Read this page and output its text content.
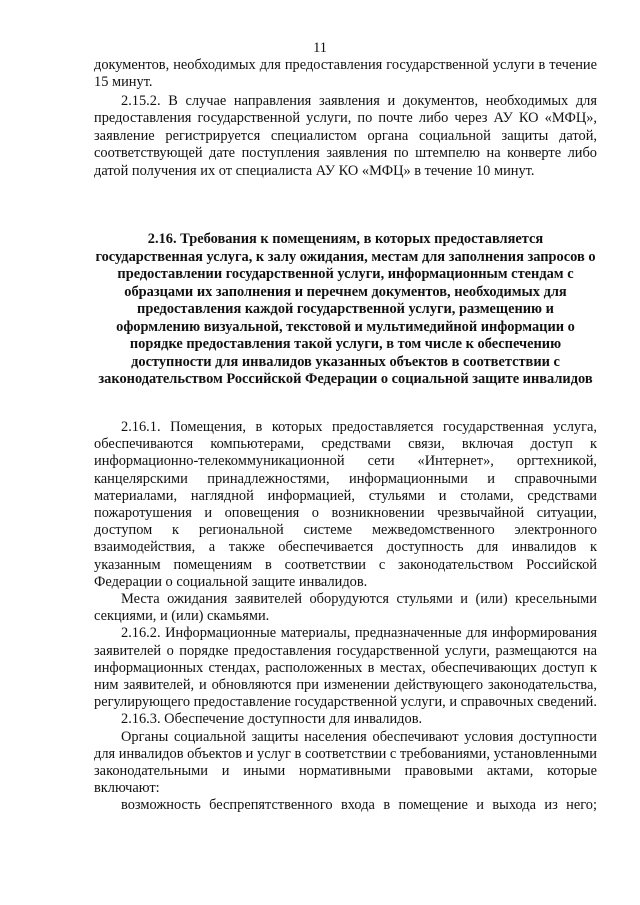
11

документов, необходимых для предоставления государственной услуги в течение 15 минут.

2.15.2. В случае направления заявления и документов, необходимых для предоставления государственной услуги, по почте либо через АУ КО «МФЦ», заявление регистрируется специалистом органа социальной защиты датой, соответствующей дате поступления заявления по штемпелю на конверте либо датой получения их от специалиста АУ КО «МФЦ» в течение 10 минут.

2.16. Требования к помещениям, в которых предоставляется государственная услуга, к залу ожидания, местам для заполнения запросов о предоставлении государственной услуги, информационным стендам с образцами их заполнения и перечнем документов, необходимых для предоставления каждой государственной услуги, размещению и оформлению визуальной, текстовой и мультимедийной информации о порядке предоставления такой услуги, в том числе к обеспечению доступности для инвалидов указанных объектов в соответствии с законодательством Российской Федерации о социальной защите инвалидов

2.16.1. Помещения, в которых предоставляется государственная услуга, обеспечиваются компьютерами, средствами связи, включая доступ к информационно-телекоммуникационной сети «Интернет», оргтехникой, канцелярскими принадлежностями, информационными и справочными материалами, наглядной информацией, стульями и столами, средствами пожаротушения и оповещения о возникновении чрезвычайной ситуации, доступом к региональной системе межведомственного электронного взаимодействия, а также обеспечивается доступность для инвалидов к указанным помещениям в соответствии с законодательством Российской Федерации о социальной защите инвалидов.

Места ожидания заявителей оборудуются стульями и (или) кресельными секциями, и (или) скамьями.

2.16.2. Информационные материалы, предназначенные для информирования заявителей о порядке предоставления государственной услуги, размещаются на информационных стендах, расположенных в местах, обеспечивающих доступ к ним заявителей, и обновляются при изменении действующего законодательства, регулирующего предоставление государственной услуги, и справочных сведений.

2.16.3. Обеспечение доступности для инвалидов.

Органы социальной защиты населения обеспечивают условия доступности для инвалидов объектов и услуг в соответствии с требованиями, установленными законодательными и иными нормативными правовыми актами, которые включают:

возможность беспрепятственного входа в помещение и выхода из него;
